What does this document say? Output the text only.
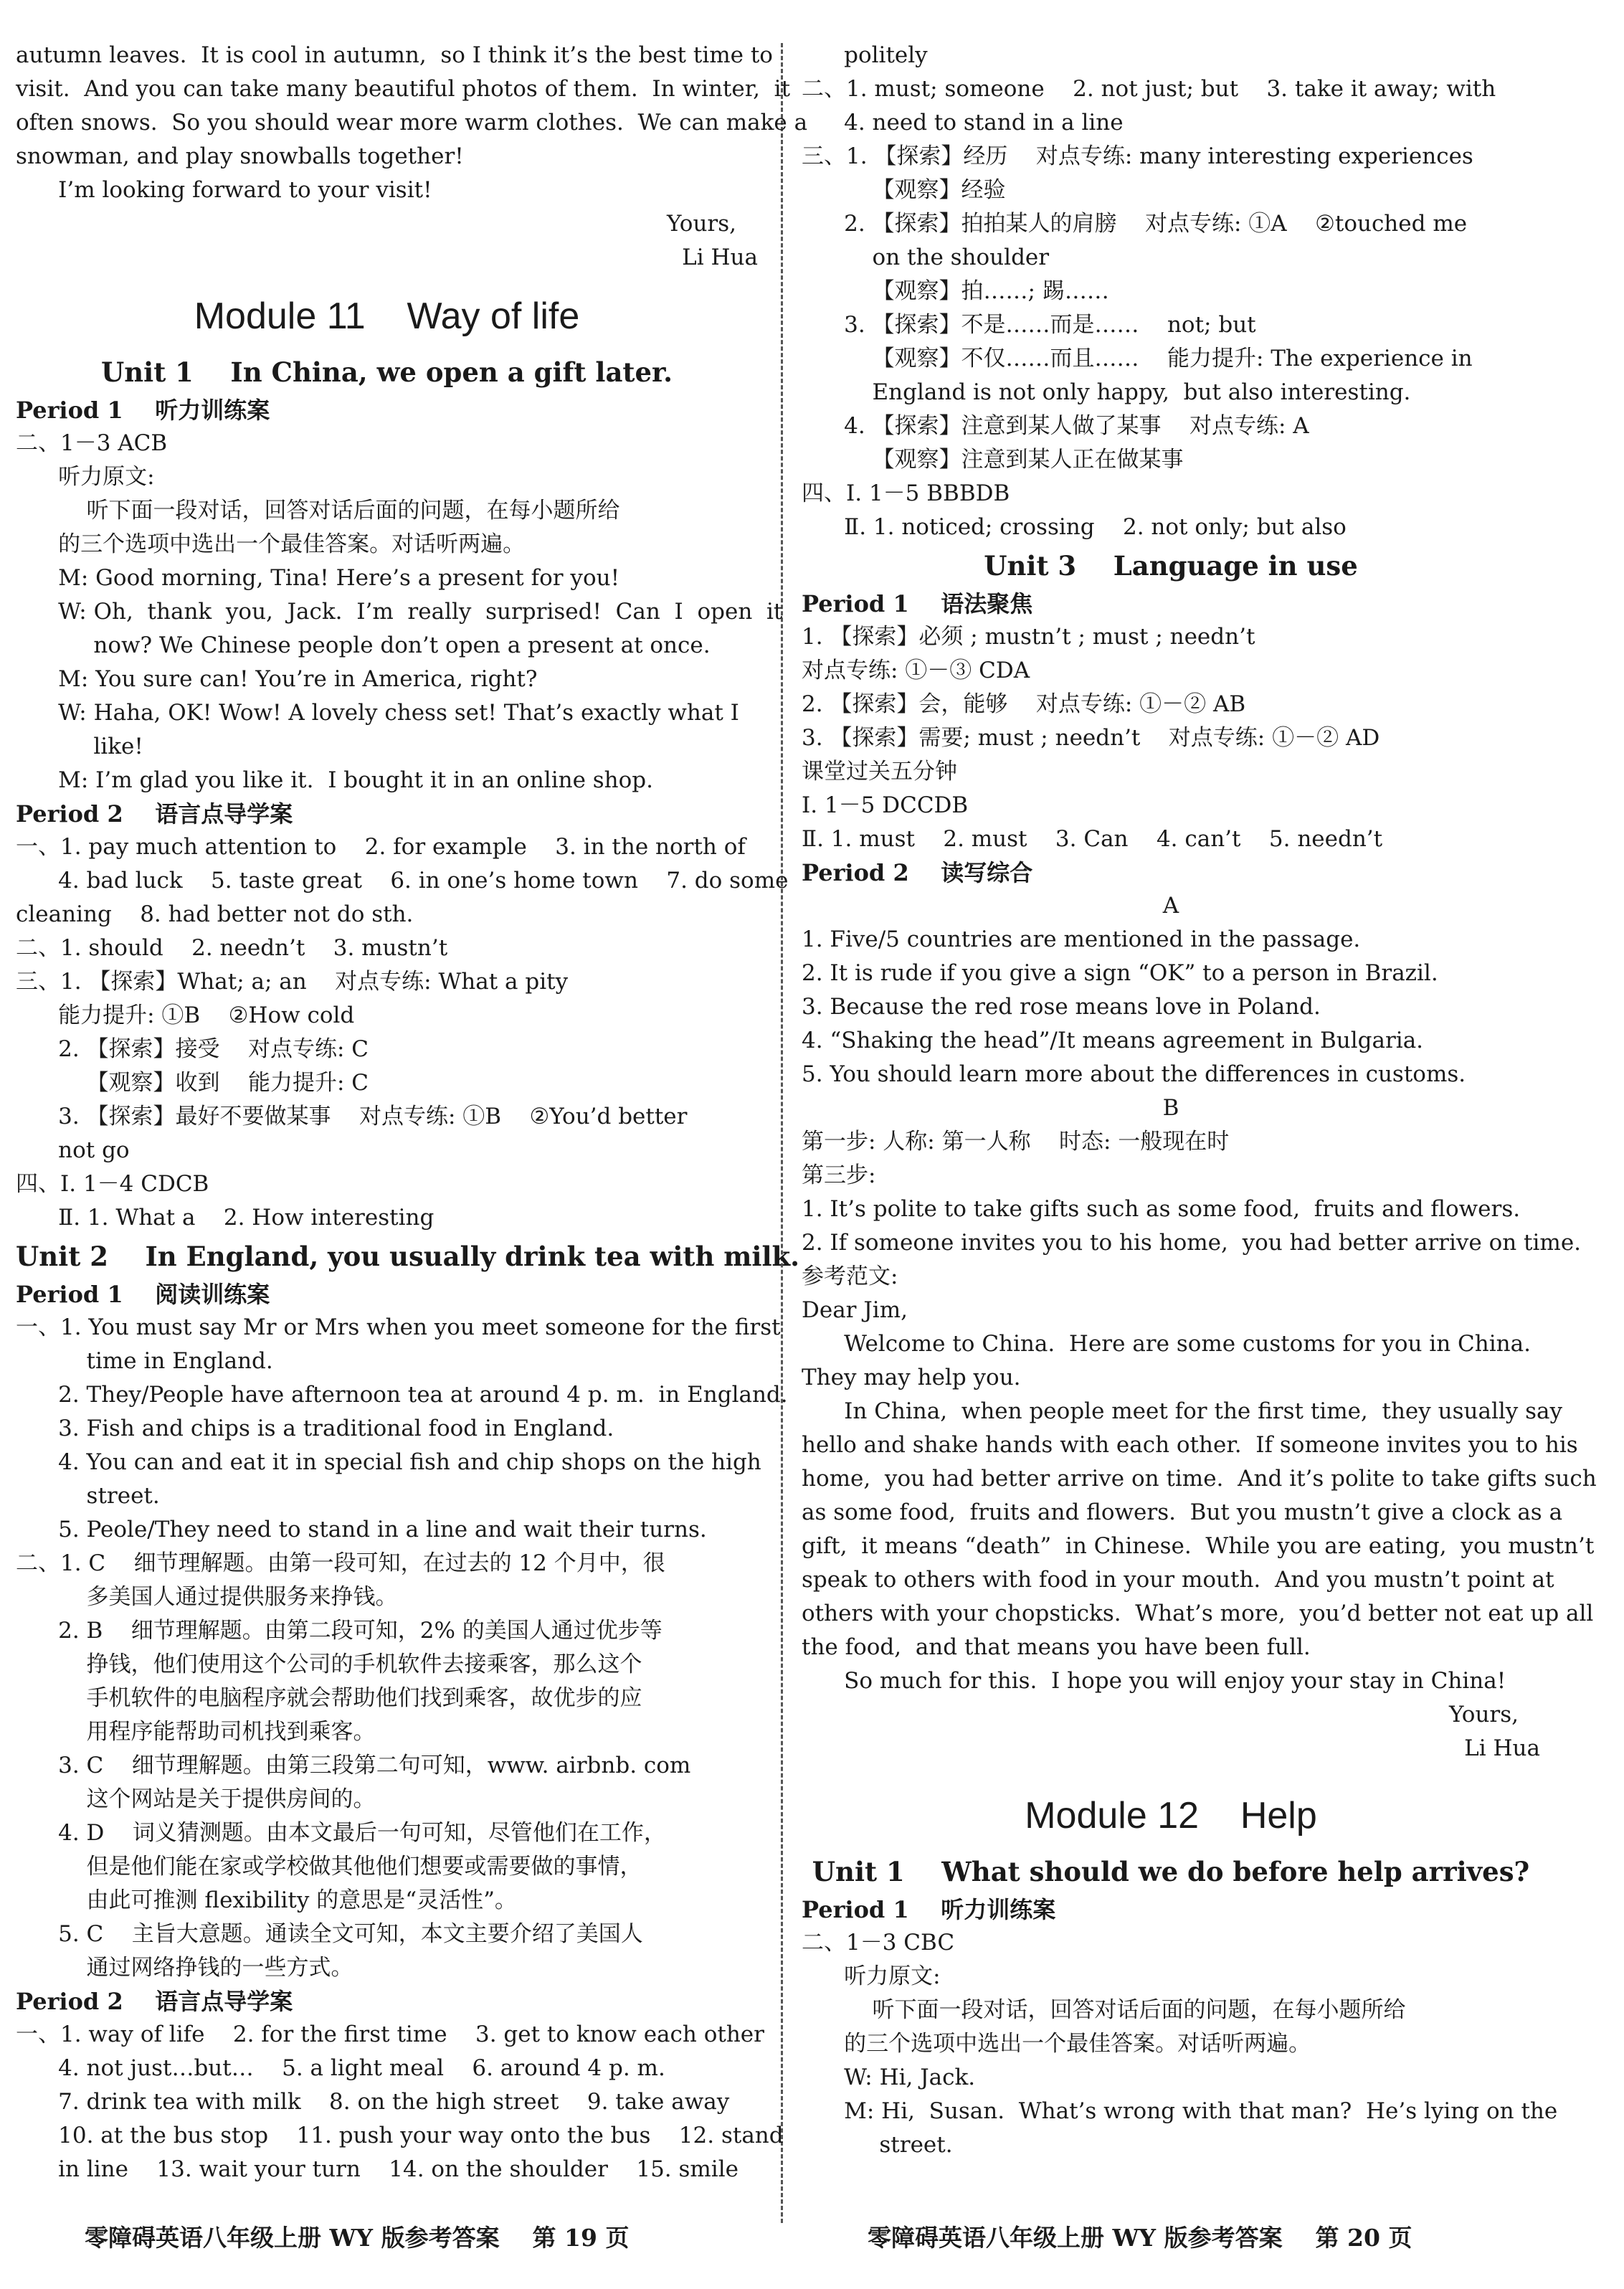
autumn leaves.  It is cool in autumn,  so I think it’s the best time to
visit.  And you can take many beautiful photos of them.  In winter,  it
often snows.  So you should wear more warm clothes.  We can make a
snowman, and play snowballs together!
I’m looking forward to your visit!
Yours,
Li Hua
Module 11    Way of life
Unit 1    In China, we open a gift later.
Period 1    听力训练案
二、1－3 ACB
听力原文:
听下面一段对话，回答对话后面的问题，在每小题所给
的三个选项中选出一个最佳答案。对话听两遍。
M: Good morning, Tina! Here’s a present for you!
W: Oh,  thank  you,  Jack.  I’m  really  surprised!  Can  I  open  it
now? We Chinese people don’t open a present at once.
M: You sure can! You’re in America, right?
W: Haha, OK! Wow! A lovely chess set! That’s exactly what I
like!
M: I’m glad you like it.  I bought it in an online shop.
Period 2    语言点导学案
一、1. pay much attention to    2. for example    3. in the north of
4. bad luck    5. taste great    6. in one’s home town    7. do some
cleaning    8. had better not do sth.
二、1. should    2. needn’t    3. mustn’t
三、1. 【探索】What; a; an    对点专练: What a pity
能力提升: ①B    ②How cold
2. 【探索】接受    对点专练: C
【观察】收到    能力提升: C
3. 【探索】最好不要做某事    对点专练: ①B    ②You’d better
not go
四、Ⅰ. 1－4 CDCB
Ⅱ. 1. What a    2. How interesting
Unit 2    In England, you usually drink tea with milk.
Period 1    阅读训练案
一、1. You must say Mr or Mrs when you meet someone for the first
time in England.
2. They/People have afternoon tea at around 4 p. m.  in England.
3. Fish and chips is a traditional food in England.
4. You can and eat it in special fish and chip shops on the high
street.
5. Peole/They need to stand in a line and wait their turns.
二、1. C    细节理解题。由第一段可知，在过去的 12 个月中，很
多美国人通过提供服务来挣钱。
2. B    细节理解题。由第二段可知，2% 的美国人通过优步等
挣钱，他们使用这个公司的手机软件去接乘客，那么这个
手机软件的电脑程序就会帮助他们找到乘客，故优步的应
用程序能帮助司机找到乘客。
3. C    细节理解题。由第三段第二句可知，www. airbnb. com
这个网站是关于提供房间的。
4. D    词义猜测题。由本文最后一句可知，尽管他们在工作，
但是他们能在家或学校做其他他们想要或需要做的事情，
由此可推测 flexibility 的意思是“灵活性”。
5. C    主旨大意题。通读全文可知，本文主要介绍了美国人
通过网络挣钱的一些方式。
Period 2    语言点导学案
一、1. way of life    2. for the first time    3. get to know each other
4. not just…but…    5. a light meal    6. around 4 p. m.
7. drink tea with milk    8. on the high street    9. take away
10. at the bus stop    11. push your way onto the bus    12. stand
in line    13. wait your turn    14. on the shoulder    15. smile
politely
二、1. must; someone    2. not just; but    3. take it away; with
4. need to stand in a line
三、1. 【探索】经历    对点专练: many interesting experiences
【观察】经验
2. 【探索】拍拍某人的肩膀    对点专练: ①A    ②touched me
on the shoulder
【观察】拍……; 踢……
3. 【探索】不是……而是……    not; but
【观察】不仅……而且……    能力提升: The experience in
England is not only happy,  but also interesting.
4. 【探索】注意到某人做了某事    对点专练: A
【观察】注意到某人正在做某事
四、Ⅰ. 1－5 BBBDB
Ⅱ. 1. noticed; crossing    2. not only; but also
Unit 3    Language in use
Period 1    语法聚焦
1. 【探索】必须 ; mustn’t ; must ; needn’t
对点专练: ①－③ CDA
2. 【探索】会，能够    对点专练: ①－② AB
3. 【探索】需要; must ; needn’t    对点专练: ①－② AD
课堂过关五分钟
Ⅰ. 1－5 DCCDB
Ⅱ. 1. must    2. must    3. Can    4. can’t    5. needn’t
Period 2    读写综合
A
1. Five/5 countries are mentioned in the passage.
2. It is rude if you give a sign “OK” to a person in Brazil.
3. Because the red rose means love in Poland.
4. “Shaking the head”/It means agreement in Bulgaria.
5. You should learn more about the differences in customs.
B
第一步: 人称: 第一人称    时态: 一般现在时
第三步:
1. It’s polite to take gifts such as some food,  fruits and flowers.
2. If someone invites you to his home,  you had better arrive on time.
参考范文:
Dear Jim,
Welcome to China.  Here are some customs for you in China.
They may help you.
In China,  when people meet for the first time,  they usually say
hello and shake hands with each other.  If someone invites you to his
home,  you had better arrive on time.  And it’s polite to take gifts such
as some food,  fruits and flowers.  But you mustn’t give a clock as a
gift,  it means “death”  in Chinese.  While you are eating,  you mustn’t
speak to others with food in your mouth.  And you mustn’t point at
others with your chopsticks.  What’s more,  you’d better not eat up all
the food,  and that means you have been full.
So much for this.  I hope you will enjoy your stay in China!
Yours,
Li Hua
Module 12    Help
Unit 1    What should we do before help arrives?
Period 1    听力训练案
二、1－3 CBC
听力原文:
听下面一段对话，回答对话后面的问题，在每小题所给
的三个选项中选出一个最佳答案。对话听两遍。
W: Hi, Jack.
M: Hi,  Susan.  What’s wrong with that man?  He’s lying on the
street.
零障碍英语八年级上册 WY 版参考答案    第 19 页	零障碍英语八年级上册 WY 版参考答案    第 20 页
